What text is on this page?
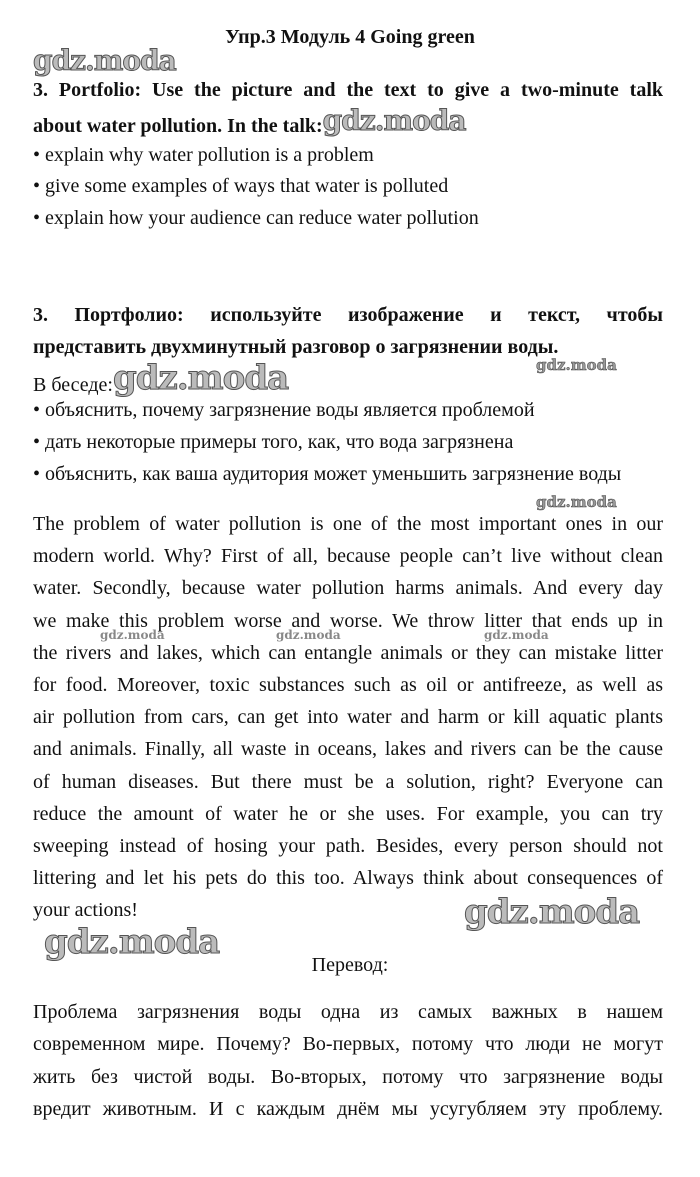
Упр.3 Модуль 4 Going green
gdz.moda
3. Portfolio: Use the picture and the text to give a two-minute talk
about water pollution. In the talk:gdz.moda
• explain why water pollution is a problem
• give some examples of ways that water is polluted
• explain how your audience can reduce water pollution
3. Портфолио: используйте изображение и текст, чтобы
представить двухминутный разговор о загрязнении воды.
gdz.moda
В беседе:gdz.moda
• объяснить, почему загрязнение воды является проблемой
• дать некоторые примеры того, как, что вода загрязнена
• объяснить, как ваша аудитория может уменьшить загрязнение воды
gdz.moda
The problem of water pollution is one of the most important ones in our
modern world. Why? First of all, because people can’t live without clean
water. Secondly, because water pollution harms animals. And every day
we make this problem worse and worse. We throw litter that ends up in
the rivers and lakes, which can entangle animals or they can mistake litter
for food. Moreover, toxic substances such as oil or antifreeze, as well as
air pollution from cars, can get into water and harm or kill aquatic plants
and animals. Finally, all waste in oceans, lakes and rivers can be the cause
of human diseases. But there must be a solution, right? Everyone can
reduce the amount of water he or she uses. For example, you can try
sweeping instead of hosing your path. Besides, every person should not
littering and let his pets do this too. Always think about consequences of
your actions!
gdz.moda	gdz.moda	gdz.moda
gdz.moda
gdz.moda
Перевод:
Проблема загрязнения воды одна из самых важных в нашем
современном мире. Почему? Во-первых, потому что люди не могут
жить без чистой воды. Во-вторых, потому что загрязнение воды
вредит животным. И с каждым днём мы усугубляем эту проблему.
